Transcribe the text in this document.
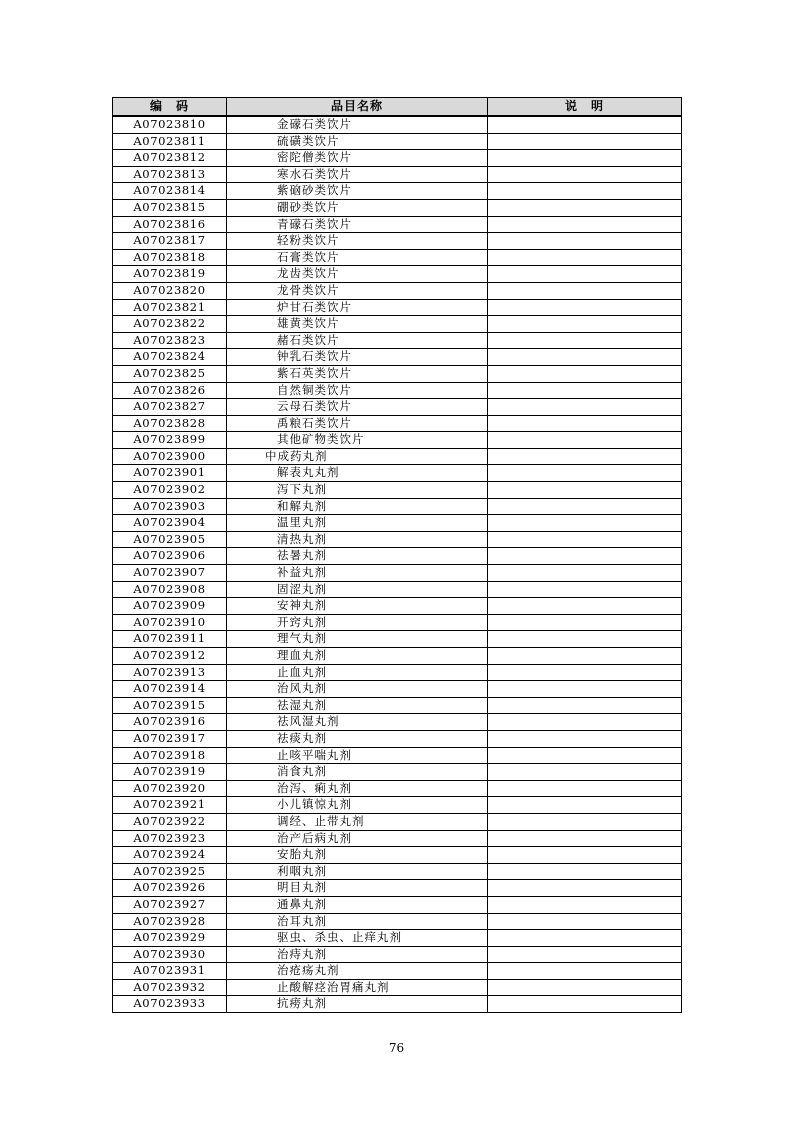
编　码	品目名称	说　明
A07023810	金礞石类饮片	
A07023811	硫磺类饮片	
A07023812	密陀僧类饮片	
A07023813	寒水石类饮片	
A07023814	紫硇砂类饮片	
A07023815	硼砂类饮片	
A07023816	青礞石类饮片	
A07023817	轻粉类饮片	
A07023818	石膏类饮片	
A07023819	龙齿类饮片	
A07023820	龙骨类饮片	
A07023821	炉甘石类饮片	
A07023822	雄黄类饮片	
A07023823	赭石类饮片	
A07023824	钟乳石类饮片	
A07023825	紫石英类饮片	
A07023826	自然铜类饮片	
A07023827	云母石类饮片	
A07023828	禹粮石类饮片	
A07023899	其他矿物类饮片	
A07023900	中成药丸剂	
A07023901	解表丸丸剂	
A07023902	泻下丸剂	
A07023903	和解丸剂	
A07023904	温里丸剂	
A07023905	清热丸剂	
A07023906	祛暑丸剂	
A07023907	补益丸剂	
A07023908	固涩丸剂	
A07023909	安神丸剂	
A07023910	开窍丸剂	
A07023911	理气丸剂	
A07023912	理血丸剂	
A07023913	止血丸剂	
A07023914	治风丸剂	
A07023915	祛湿丸剂	
A07023916	祛风湿丸剂	
A07023917	祛痰丸剂	
A07023918	止咳平喘丸剂	
A07023919	消食丸剂	
A07023920	治泻、痢丸剂	
A07023921	小儿镇惊丸剂	
A07023922	调经、止带丸剂	
A07023923	治产后病丸剂	
A07023924	安胎丸剂	
A07023925	利咽丸剂	
A07023926	明目丸剂	
A07023927	通鼻丸剂	
A07023928	治耳丸剂	
A07023929	驱虫、杀虫、止痒丸剂	
A07023930	治痔丸剂	
A07023931	治疮疡丸剂	
A07023932	止酸解痉治胃痛丸剂	
A07023933	抗痨丸剂	
76
